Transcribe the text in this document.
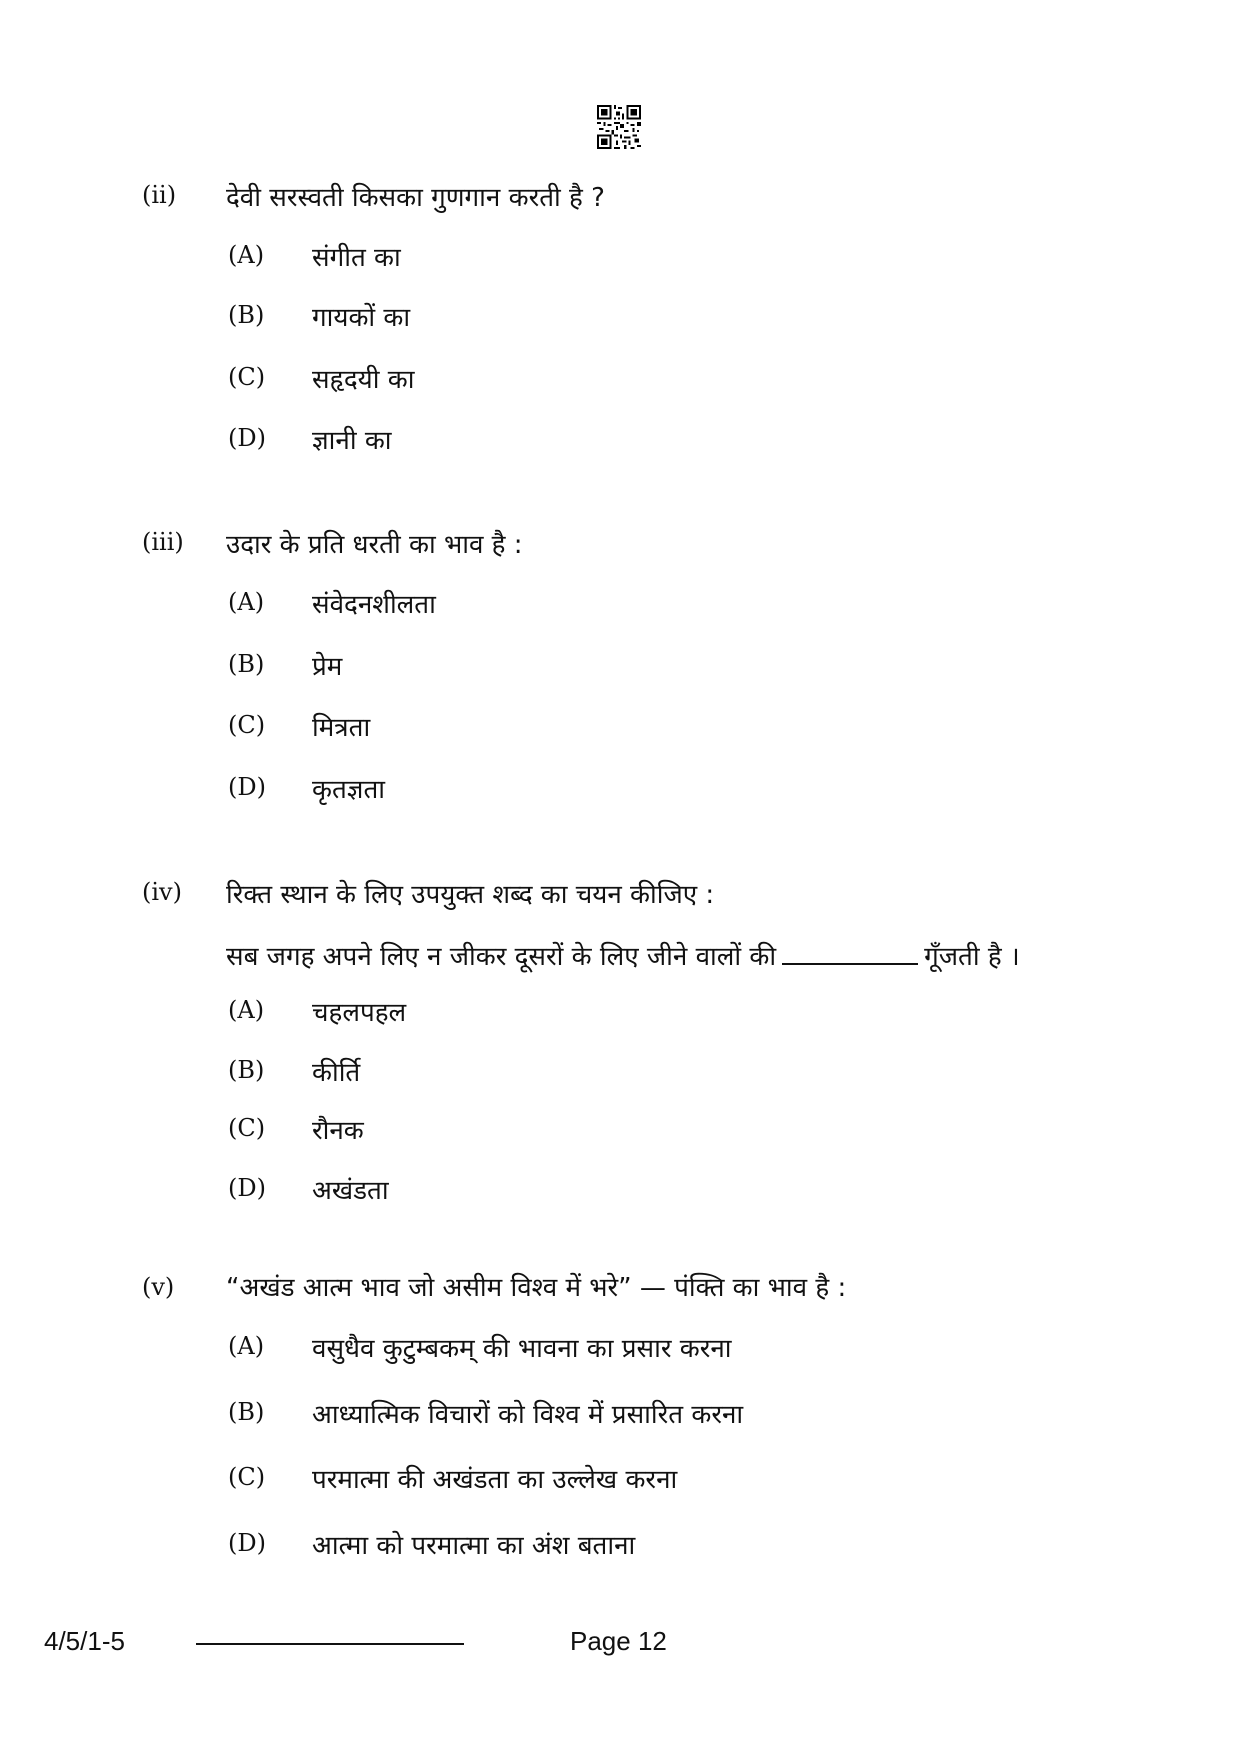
(ii) देवी सरस्वती किसका गुणगान करती है ?
(A) संगीत का
(B) गायकों का
(C) सहृदयी का
(D) ज्ञानी का
(iii) उदार के प्रति धरती का भाव है :
(A) संवेदनशीलता
(B) प्रेम
(C) मित्रता
(D) कृतज्ञता
(iv) रिक्त स्थान के लिए उपयुक्त शब्द का चयन कीजिए :
सब जगह अपने लिए न जीकर दूसरों के लिए जीने वालों की	गूँजती है ।
(A) चहलपहल
(B) कीर्ति
(C) रौनक
(D) अखंडता
(v) “अखंड आत्म भाव जो असीम विश्व में भरे” — पंक्ति का भाव है :
(A) वसुधैव कुटुम्बकम् की भावना का प्रसार करना
(B) आध्यात्मिक विचारों को विश्व में प्रसारित करना
(C) परमात्मा की अखंडता का उल्लेख करना
(D) आत्मा को परमात्मा का अंश बताना
4/5/1-5	Page 12
